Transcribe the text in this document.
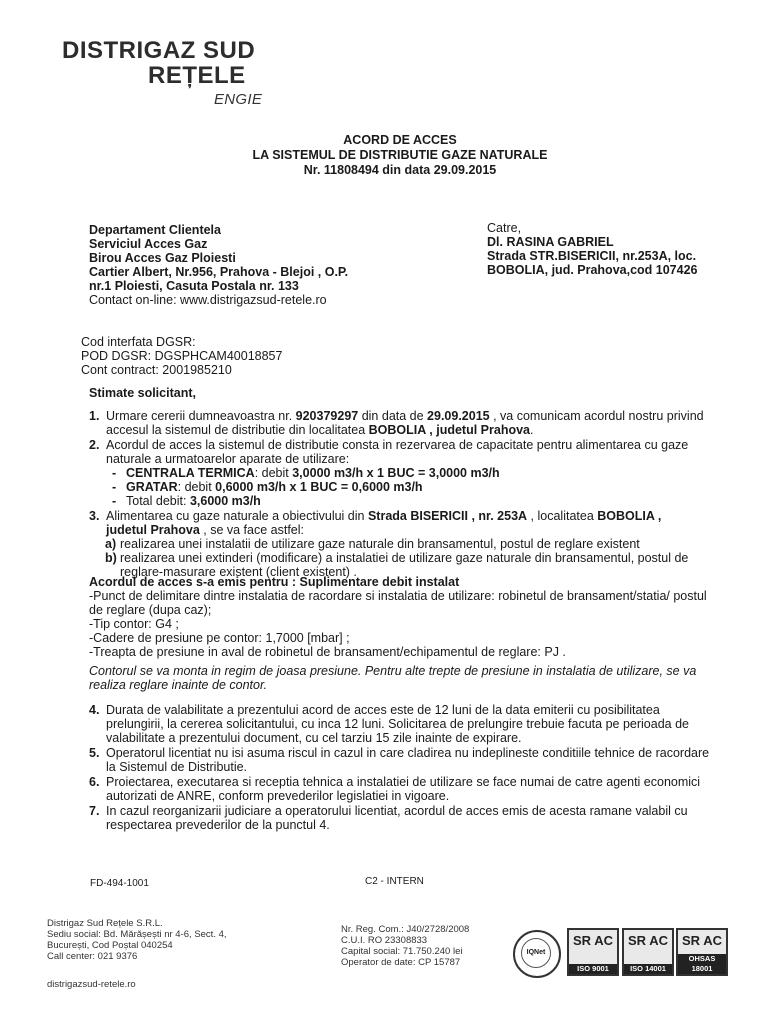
DISTRIGAZ SUD
REȚELE
ENGIE
ACORD DE ACCES
LA SISTEMUL DE DISTRIBUTIE GAZE NATURALE
Nr. 11808494 din data 29.09.2015
Departament Clientela
Serviciul Acces Gaz
Birou Acces Gaz Ploiesti
Cartier Albert, Nr.956, Prahova - Blejoi , O.P.
nr.1 Ploiesti, Casuta Postala nr. 133
Contact on-line: www.distrigazsud-retele.ro
Catre,
Dl. RASINA GABRIEL
Strada STR.BISERICII, nr.253A, loc.
BOBOLIA, jud. Prahova,cod 107426
Cod interfata DGSR:
POD DGSR: DGSPHCAM40018857
Cont contract: 2001985210
Stimate solicitant,
1. Urmare cererii dumneavoastra nr. 920379297 din data de 29.09.2015 , va comunicam acordul nostru privind accesul la sistemul de distributie din localitatea BOBOLIA , judetul Prahova.
2. Acordul de acces la sistemul de distributie consta in rezervarea de capacitate pentru alimentarea cu gaze naturale a urmatoarelor aparate de utilizare:
- CENTRALA TERMICA: debit 3,0000 m3/h x 1 BUC = 3,0000 m3/h
- GRATAR: debit 0,6000 m3/h x 1 BUC = 0,6000 m3/h
- Total debit: 3,6000 m3/h
3. Alimentarea cu gaze naturale a obiectivului din Strada BISERICII , nr. 253A , localitatea BOBOLIA ,
judetul Prahova , se va face astfel:
a) realizarea unei instalatii de utilizare gaze naturale din bransamentul, postul de reglare existent
b) realizarea unei extinderi (modificare) a instalatiei de utilizare gaze naturale din bransamentul, postul de reglare-masurare existent (client existent) .
Acordul de acces s-a emis pentru : Suplimentare debit instalat
-Punct de delimitare dintre instalatia de racordare si instalatia de utilizare: robinetul de bransament/statia/ postul de reglare (dupa caz);
-Tip contor: G4 ;
-Cadere de presiune pe contor: 1,7000 [mbar] ;
-Treapta de presiune in aval de robinetul de bransament/echipamentul de reglare: PJ .
Contorul se va monta in regim de joasa presiune. Pentru alte trepte de presiune in instalatia de utilizare, se va realiza reglare inainte de contor.
4. Durata de valabilitate a prezentului acord de acces este de 12 luni de la data emiterii cu posibilitatea prelungirii, la cererea solicitantului, cu inca 12 luni. Solicitarea de prelungire trebuie facuta pe perioada de valabilitate a prezentului document, cu cel tarziu 15 zile inainte de expirare.
5. Operatorul licentiat nu isi asuma riscul in cazul in care cladirea nu indeplineste conditiile tehnice de racordare la Sistemul de Distributie.
6. Proiectarea, executarea si receptia tehnica a instalatiei de utilizare se face numai de catre agenti economici autorizati de ANRE, conform prevederilor legislatiei in vigoare.
7. In cazul reorganizarii judiciare a operatorului licentiat, acordul de acces emis de acesta ramane valabil cu respectarea prevederilor de la punctul 4.
FD-494-1001	C2 - INTERN
Distrigaz Sud Rețele S.R.L.
Sediu social: Bd. Mărășești nr 4-6, Sect. 4,
București, Cod Poștal 040254
Call center: 021 9376
distrigazsud-retele.ro
Nr. Reg. Com.: J40/2728/2008
C.U.I. RO 23308833
Capital social: 71.750.240 lei
Operator de date: CP 15787
IQNet
SR AC
ISO 9001
SR AC
ISO 14001
SR AC
OHSAS 18001
